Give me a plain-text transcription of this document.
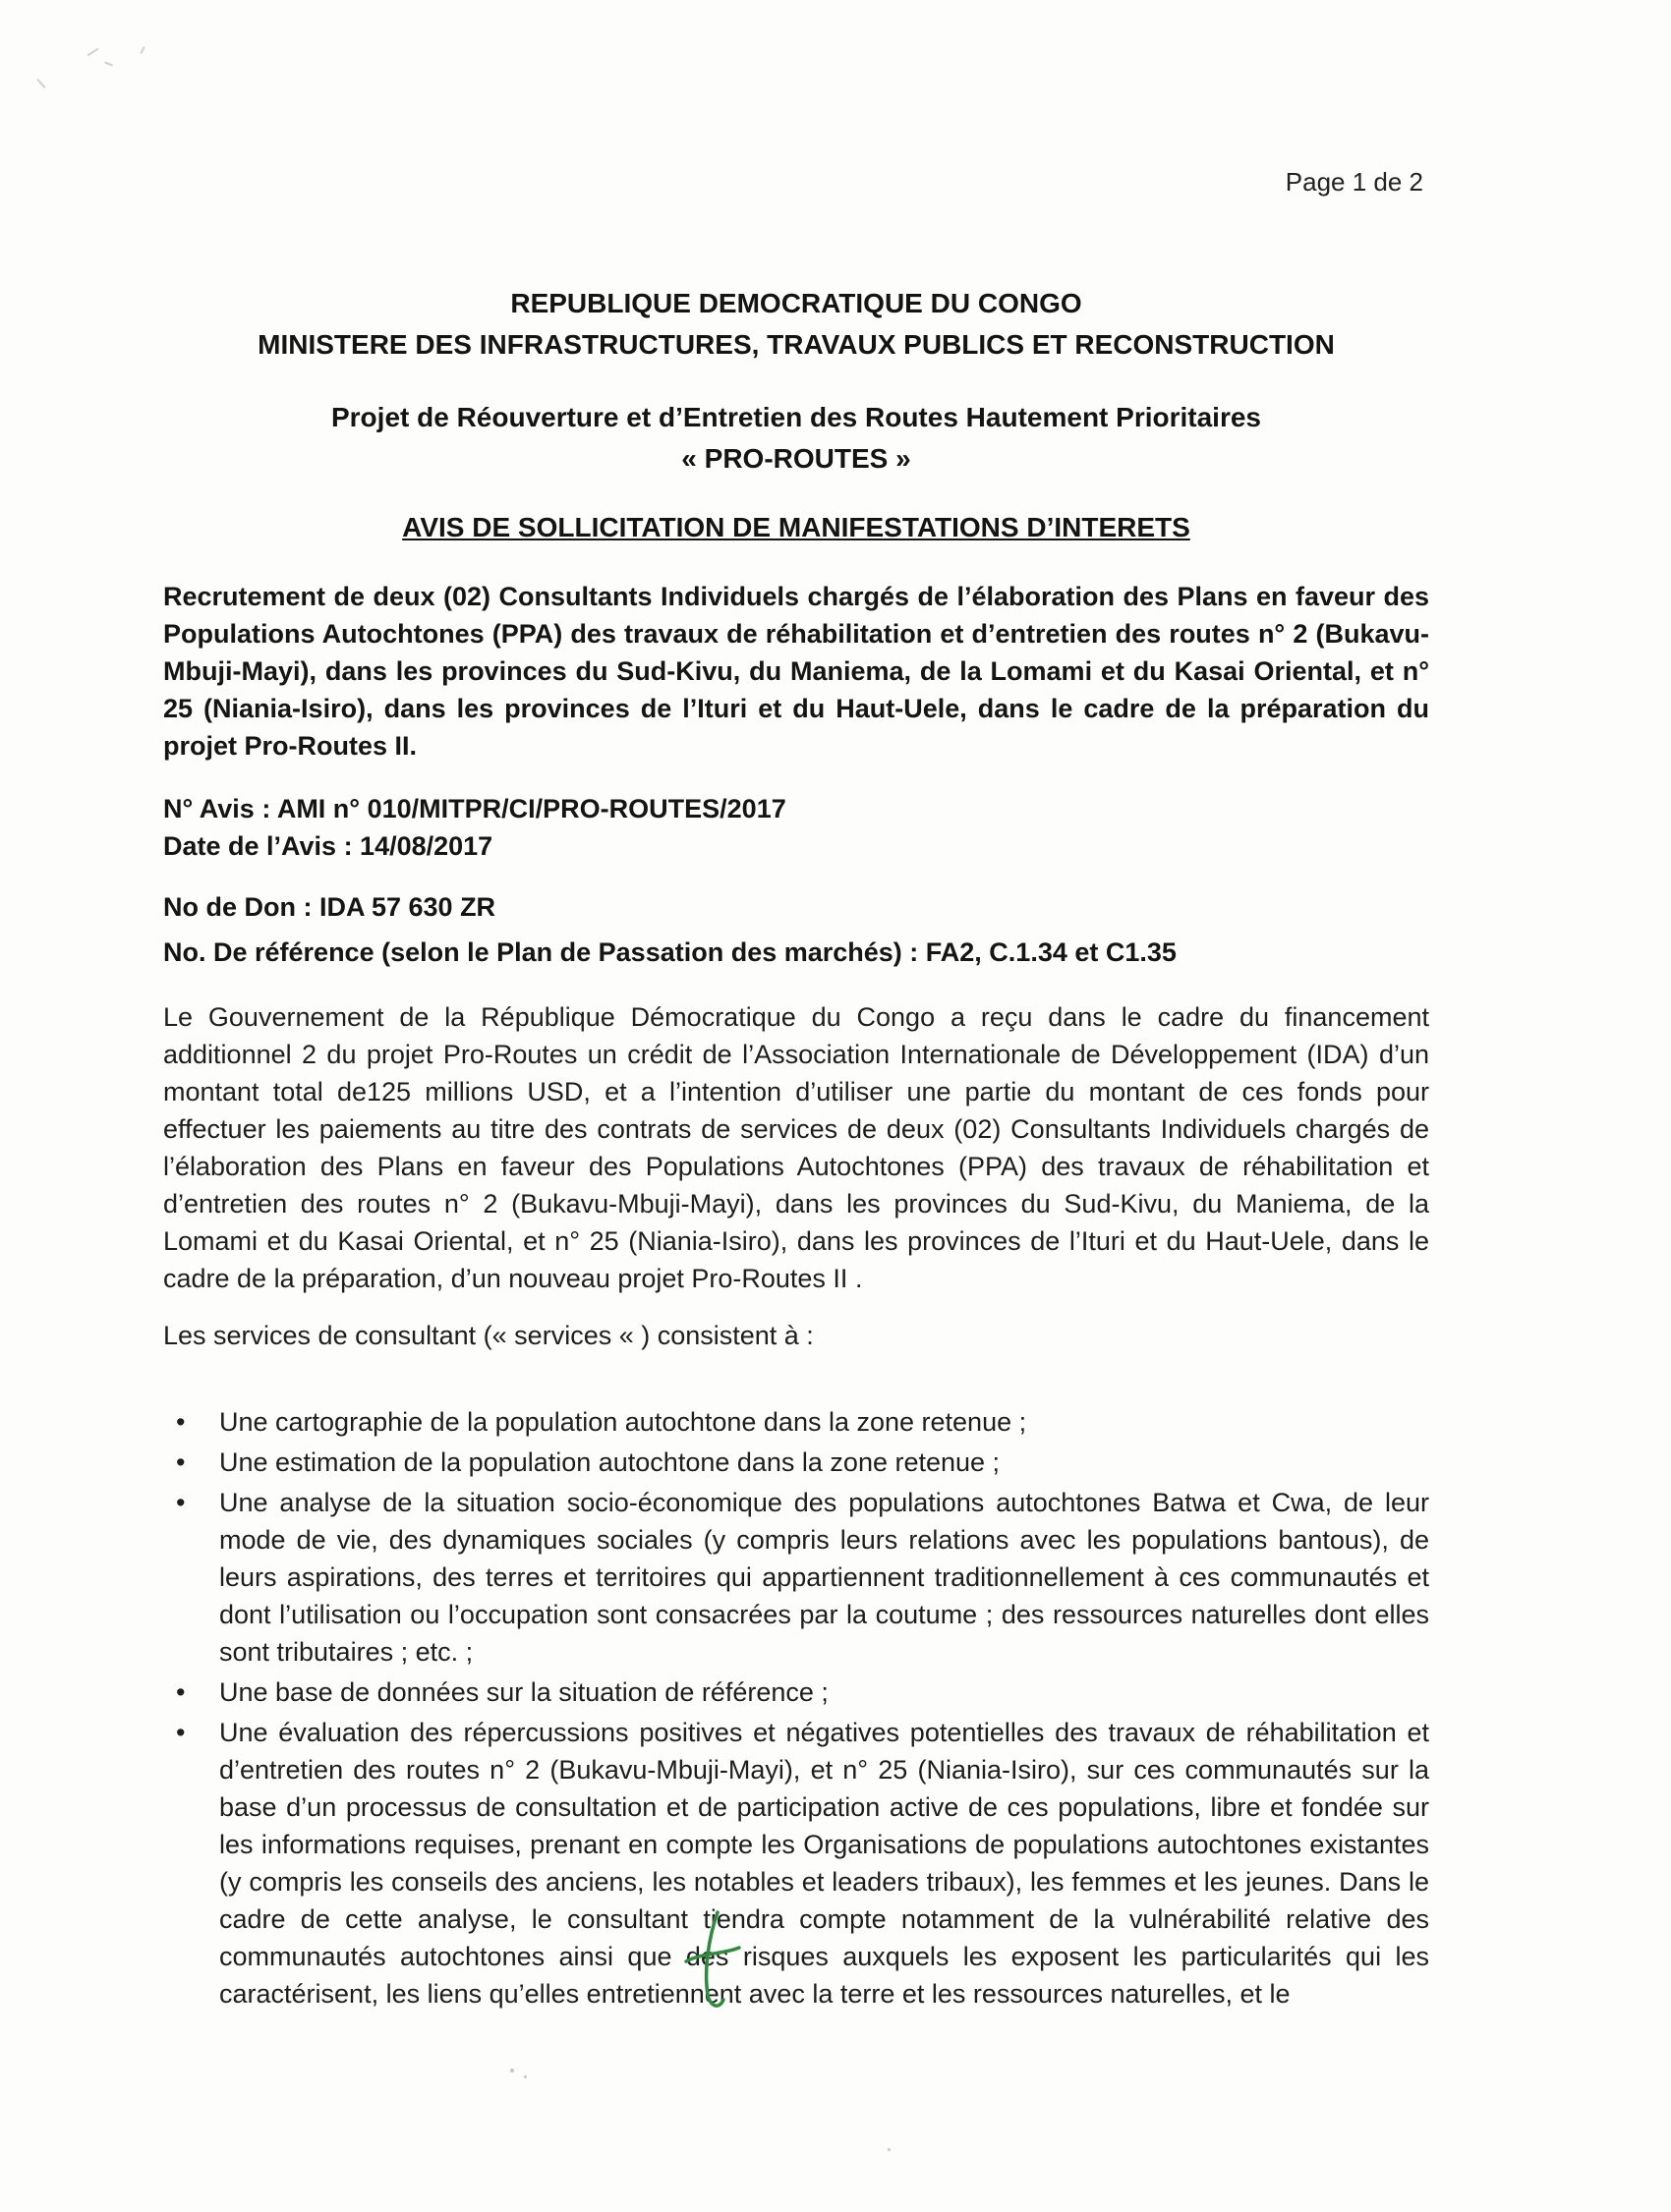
Page 1 de 2
REPUBLIQUE DEMOCRATIQUE DU CONGO
MINISTERE DES INFRASTRUCTURES, TRAVAUX PUBLICS ET RECONSTRUCTION
Projet de Réouverture et d’Entretien des Routes Hautement Prioritaires
« PRO-ROUTES »
AVIS DE SOLLICITATION DE MANIFESTATIONS D’INTERETS

Recrutement de deux (02) Consultants Individuels chargés de l’élaboration des Plans en faveur des Populations Autochtones (PPA) des travaux de réhabilitation et d’entretien des routes n° 2 (Bukavu-Mbuji-Mayi), dans les provinces du Sud-Kivu, du Maniema, de la Lomami et du Kasai Oriental, et n° 25 (Niania-Isiro), dans les provinces de l’Ituri et du Haut-Uele, dans le cadre de la préparation du projet Pro-Routes II.

N° Avis : AMI n° 010/MITPR/CI/PRO-ROUTES/2017
Date de l’Avis : 14/08/2017
No de Don : IDA 57 630 ZR
No. De référence (selon le Plan de Passation des marchés) : FA2, C.1.34 et C1.35

Le Gouvernement de la République Démocratique du Congo a reçu dans le cadre du financement additionnel 2 du projet Pro-Routes un crédit de l’Association Internationale de Développement (IDA) d’un montant total de125 millions USD, et a l’intention d’utiliser une partie du montant de ces fonds pour effectuer les paiements au titre des contrats de services de deux (02) Consultants Individuels chargés de l’élaboration des Plans en faveur des Populations Autochtones (PPA) des travaux de réhabilitation et d’entretien des routes n° 2 (Bukavu-Mbuji-Mayi), dans les provinces du Sud-Kivu, du Maniema, de la Lomami et du Kasai Oriental, et n° 25 (Niania-Isiro), dans les provinces de l’Ituri et du Haut-Uele, dans le cadre de la préparation, d’un nouveau projet Pro-Routes II .

Les services de consultant (« services « ) consistent à :

• Une cartographie de la population autochtone dans la zone retenue ;
• Une estimation de la population autochtone dans la zone retenue ;
• Une analyse de la situation socio-économique des populations autochtones Batwa et Cwa, de leur mode de vie, des dynamiques sociales (y compris leurs relations avec les populations bantous), de leurs aspirations, des terres et territoires qui appartiennent traditionnellement à ces communautés et dont l’utilisation ou l’occupation sont consacrées par la coutume ; des ressources naturelles dont elles sont tributaires ; etc. ;
• Une base de données sur la situation de référence ;
• Une évaluation des répercussions positives et négatives potentielles des travaux de réhabilitation et d’entretien des routes n° 2 (Bukavu-Mbuji-Mayi), et n° 25 (Niania-Isiro), sur ces communautés sur la base d’un processus de consultation et de participation active de ces populations, libre et fondée sur les informations requises, prenant en compte les Organisations de populations autochtones existantes (y compris les conseils des anciens, les notables et leaders tribaux), les femmes et les jeunes. Dans le cadre de cette analyse, le consultant tiendra compte notamment de la vulnérabilité relative des communautés autochtones ainsi que des risques auxquels les exposent les particularités qui les caractérisent, les liens qu’elles entretiennent avec la terre et les ressources naturelles, et le
